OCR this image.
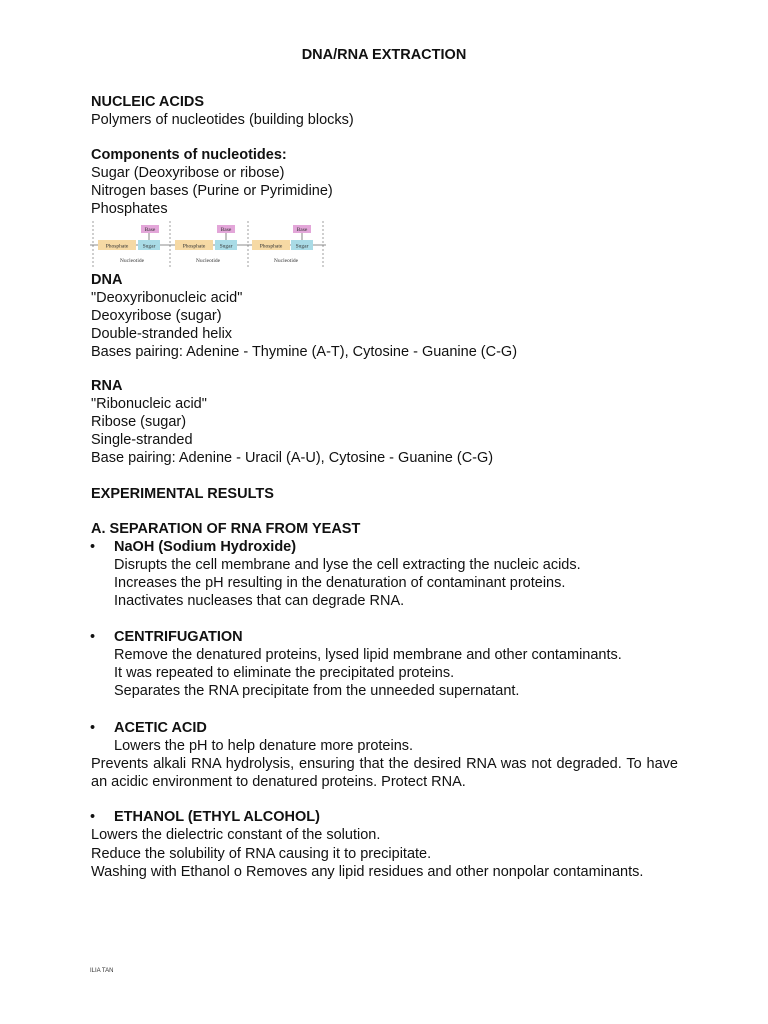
DNA/RNA EXTRACTION
NUCLEIC ACIDS
Polymers of nucleotides (building blocks)
Components of nucleotides:
Sugar (Deoxyribose or ribose)
Nitrogen bases (Purine or Pyrimidine)
Phosphates
Base
Phosphate	Sugar
Nucleotide
Base
Phosphate	Sugar
Nucleotide
Base
Phosphate Sugar
Nucleotide
DNA
"Deoxyribonucleic acid"
Deoxyribose (sugar)
Double-stranded helix
Bases pairing: Adenine - Thymine (A-T), Cytosine - Guanine (C-G)
RNA
"Ribonucleic acid"
Ribose (sugar)
Single-stranded
Base pairing: Adenine - Uracil (A-U), Cytosine - Guanine (C-G)
EXPERIMENTAL RESULTS
A. SEPARATION OF RNA FROM YEAST
• NaOH (Sodium Hydroxide)
Disrupts the cell membrane and lyse the cell extracting the nucleic acids.
Increases the pH resulting in the denaturation of contaminant proteins.
Inactivates nucleases that can degrade RNA.
• CENTRIFUGATION
Remove the denatured proteins, lysed lipid membrane and other contaminants.
It was repeated to eliminate the precipitated proteins.
Separates the RNA precipitate from the unneeded supernatant.
• ACETIC ACID
Lowers the pH to help denature more proteins.
Prevents alkali RNA hydrolysis, ensuring that the desired RNA was not degraded. To have an acidic environment to denatured proteins. Protect RNA.
• ETHANOL (ETHYL ALCOHOL)
Lowers the dielectric constant of the solution.
Reduce the solubility of RNA causing it to precipitate.
Washing with Ethanol o Removes any lipid residues and other nonpolar contaminants.
ILIA TAN
